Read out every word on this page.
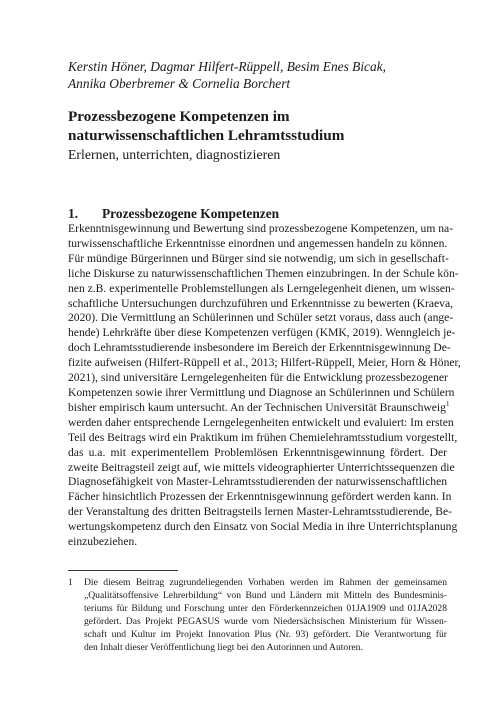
Kerstin Höner, Dagmar Hilfert-Rüppell, Besim Enes Bicak,
Annika Oberbremer & Cornelia Borchert
Prozessbezogene Kompetenzen im
naturwissenschaftlichen Lehramtsstudium
Erlernen, unterrichten, diagnostizieren
1. Prozessbezogene Kompetenzen
Erkenntnisgewinnung und Bewertung sind prozessbezogene Kompetenzen, um na-
turwissenschaftliche Erkenntnisse einordnen und angemessen handeln zu können.
Für mündige Bürgerinnen und Bürger sind sie notwendig, um sich in gesellschaft-
liche Diskurse zu naturwissenschaftlichen Themen einzubringen. In der Schule kön-
nen z.B. experimentelle Problemstellungen als Lerngelegenheit dienen, um wissen-
schaftliche Untersuchungen durchzuführen und Erkenntnisse zu bewerten (Kraeva,
2020). Die Vermittlung an Schülerinnen und Schüler setzt voraus, dass auch (ange-
hende) Lehrkräfte über diese Kompetenzen verfügen (KMK, 2019). Wenngleich je-
doch Lehramtsstudierende insbesondere im Bereich der Erkenntnisgewinnung De-
fizite aufweisen (Hilfert-Rüppell et al., 2013; Hilfert-Rüppell, Meier, Horn & Höner,
2021), sind universitäre Lerngelegenheiten für die Entwicklung prozessbezogener
Kompetenzen sowie ihrer Vermittlung und Diagnose an Schülerinnen und Schülern
bisher empirisch kaum untersucht. An der Technischen Universität Braunschweig$^1$
werden daher entsprechende Lerngelegenheiten entwickelt und evaluiert: Im ersten
Teil des Beitrags wird ein Praktikum im frühen Chemielehramtsstudium vorgestellt,
das u.a. mit experimentellem Problemlösen Erkenntnisgewinnung fördert. Der
zweite Beitragsteil zeigt auf, wie mittels videographierter Unterrichtssequenzen die
Diagnosefähigkeit von Master-Lehramtsstudierenden der naturwissenschaftlichen
Fächer hinsichtlich Prozessen der Erkenntnisgewinnung gefördert werden kann. In
der Veranstaltung des dritten Beitragsteils lernen Master-Lehramtsstudierende, Be-
wertungskompetenz durch den Einsatz von Social Media in ihre Unterrichtsplanung
einzubeziehen.
1 Die diesem Beitrag zugrundeliegenden Vorhaben werden im Rahmen der gemeinsamen
„Qualitätsoffensive Lehrerbildung“ von Bund und Ländern mit Mitteln des Bundesminis-
teriums für Bildung und Forschung unter den Förderkennzeichen 01JA1909 und 01JA2028
gefördert. Das Projekt PEGASUS wurde vom Niedersächsischen Ministerium für Wissen-
schaft und Kultur im Projekt Innovation Plus (Nr. 93) gefördert. Die Verantwortung für
den Inhalt dieser Veröffentlichung liegt bei den Autorinnen und Autoren.
